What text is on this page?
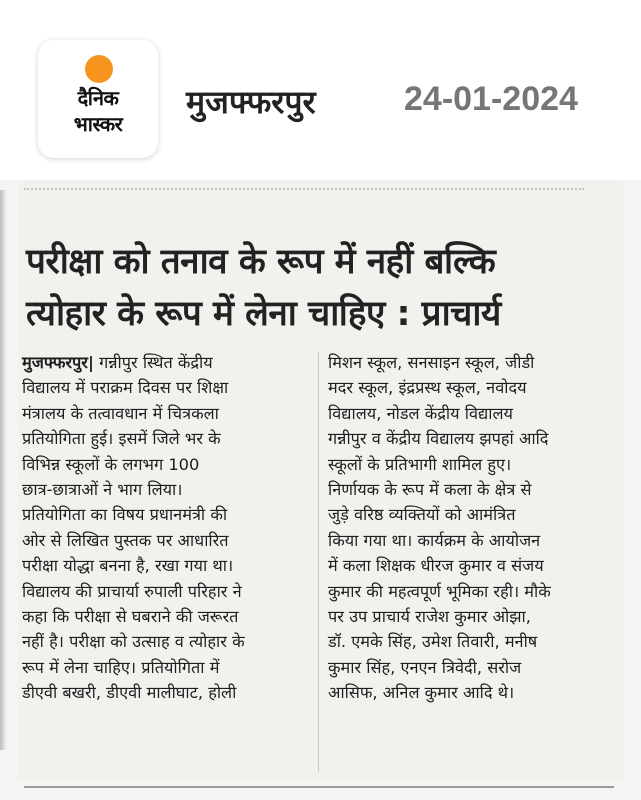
दैनिक
भास्कर
मुजफ्फरपुर	24-01-2024
परीक्षा को तनाव के रूप में नहीं बल्कि
त्योहार के रूप में लेना चाहिए : प्राचार्य
मुजफ्फरपुर| गन्नीपुर स्थित केंद्रीय
विद्यालय में पराक्रम दिवस पर शिक्षा
मंत्रालय के तत्वावधान में चित्रकला
प्रतियोगिता हुई। इसमें जिले भर के
विभिन्न स्कूलों के लगभग 100
छात्र-छात्राओं ने भाग लिया।
प्रतियोगिता का विषय प्रधानमंत्री की
ओर से लिखित पुस्तक पर आधारित
परीक्षा योद्धा बनना है, रखा गया था।
विद्यालय की प्राचार्या रुपाली परिहार ने
कहा कि परीक्षा से घबराने की जरूरत
नहीं है। परीक्षा को उत्साह व त्योहार के
रूप में लेना चाहिए। प्रतियोगिता में
डीएवी बखरी, डीएवी मालीघाट, होली
मिशन स्कूल, सनसाइन स्कूल, जीडी
मदर स्कूल, इंद्रप्रस्थ स्कूल, नवोदय
विद्यालय, नोडल केंद्रीय विद्यालय
गन्नीपुर व केंद्रीय विद्यालय झपहां आदि
स्कूलों के प्रतिभागी शामिल हुए।
निर्णायक के रूप में कला के क्षेत्र से
जुड़े वरिष्ठ व्यक्तियों को आमंत्रित
किया गया था। कार्यक्रम के आयोजन
में कला शिक्षक धीरज कुमार व संजय
कुमार की महत्वपूर्ण भूमिका रही। मौके
पर उप प्राचार्य राजेश कुमार ओझा,
डॉ. एमके सिंह, उमेश तिवारी, मनीष
कुमार सिंह, एनएन त्रिवेदी, सरोज
आसिफ, अनिल कुमार आदि थे।
